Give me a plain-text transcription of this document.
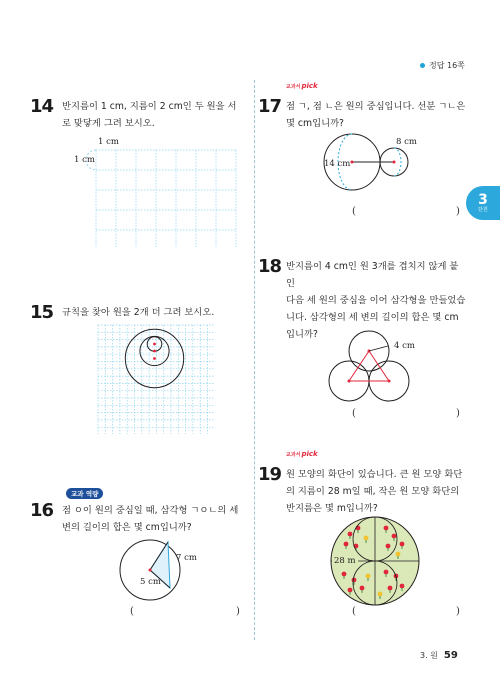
정답 16쪽
3
단원
14 반지름이 1 cm, 지름이 2 cm인 두 원을 서
로 맞닿게 그려 보시오.
1 cm
1 cm
15 규칙을 찾아 원을 2개 더 그려 보시오.
교과 역량
16 점 ㅇ이 원의 중심일 때, 삼각형 ㄱㅇㄴ의 세
변의 길이의 합은 몇 cm입니까?
7 cm
5 cm
(	)
교과서pick
17 점 ㄱ, 점 ㄴ은 원의 중심입니다. 선분 ㄱㄴ은
몇 cm입니까?
14 cm
8 cm
(	)
18 반지름이 4 cm인 원 3개를 겹치지 않게 붙인
다음 세 원의 중심을 이어 삼각형을 만들었습
니다. 삼각형의 세 변의 길이의 합은 몇 cm
입니까?
4 cm
(	)
교과서pick
19 원 모양의 화단이 있습니다. 큰 원 모양 화단
의 지름이 28 m일 때, 작은 원 모양 화단의
반지름은 몇 m입니까?
28 m
(	)
3. 원 59
